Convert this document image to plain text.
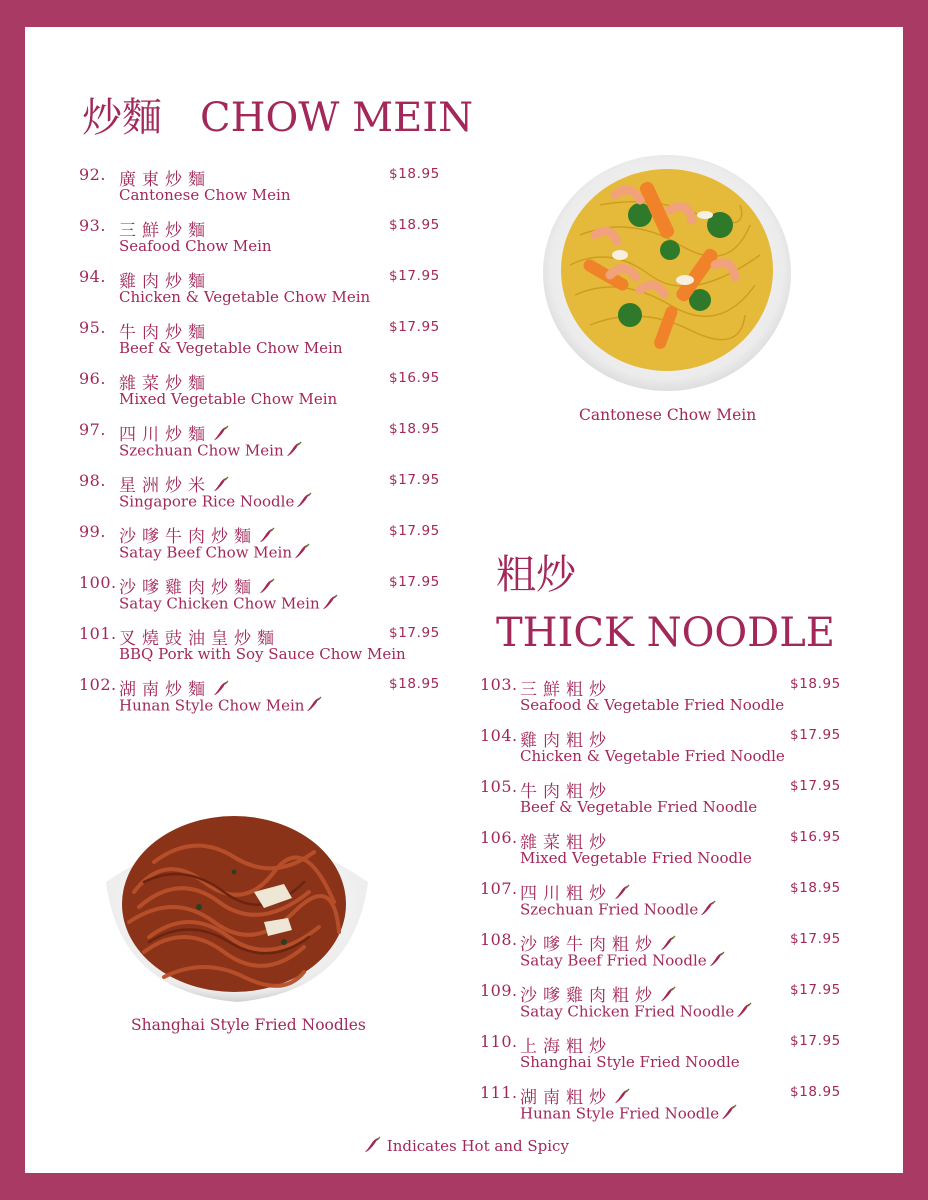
炒麵 CHOW MEIN
92. 廣東炒麵
Cantonese Chow Mein
$18.95
93. 三鮮炒麵
Seafood Chow Mein
$18.95
94. 雞肉炒麵
Chicken & Vegetable Chow Mein
$17.95
95. 牛肉炒麵
Beef & Vegetable Chow Mein
$17.95
96. 雜菜炒麵
Mixed Vegetable Chow Mein
$16.95
97. 四川炒麵
Szechuan Chow Mein
$18.95
98. 星洲炒米
Singapore Rice Noodle
$17.95
99. 沙嗲牛肉炒麵
Satay Beef Chow Mein
$17.95
100. 沙嗲雞肉炒麵
Satay Chicken Chow Mein
$17.95
101. 叉燒豉油皇炒麵
BBQ Pork with Soy Sauce Chow Mein
$17.95
102. 湖南炒麵
Hunan Style Chow Mein
$18.95
Cantonese Chow Mein
粗炒
THICK NOODLE
103. 三鮮粗炒
Seafood & Vegetable Fried Noodle
$18.95
104. 雞肉粗炒
Chicken & Vegetable Fried Noodle
$17.95
105. 牛肉粗炒
Beef & Vegetable Fried Noodle
$17.95
106. 雜菜粗炒
Mixed Vegetable Fried Noodle
$16.95
107. 四川粗炒
Szechuan Fried Noodle
$18.95
108. 沙嗲牛肉粗炒
Satay Beef Fried Noodle
$17.95
109. 沙嗲雞肉粗炒
Satay Chicken Fried Noodle
$17.95
110. 上海粗炒
Shanghai Style Fried Noodle
$17.95
111. 湖南粗炒
Hunan Style Fried Noodle
$18.95
Shanghai Style Fried Noodles
Indicates Hot and Spicy
